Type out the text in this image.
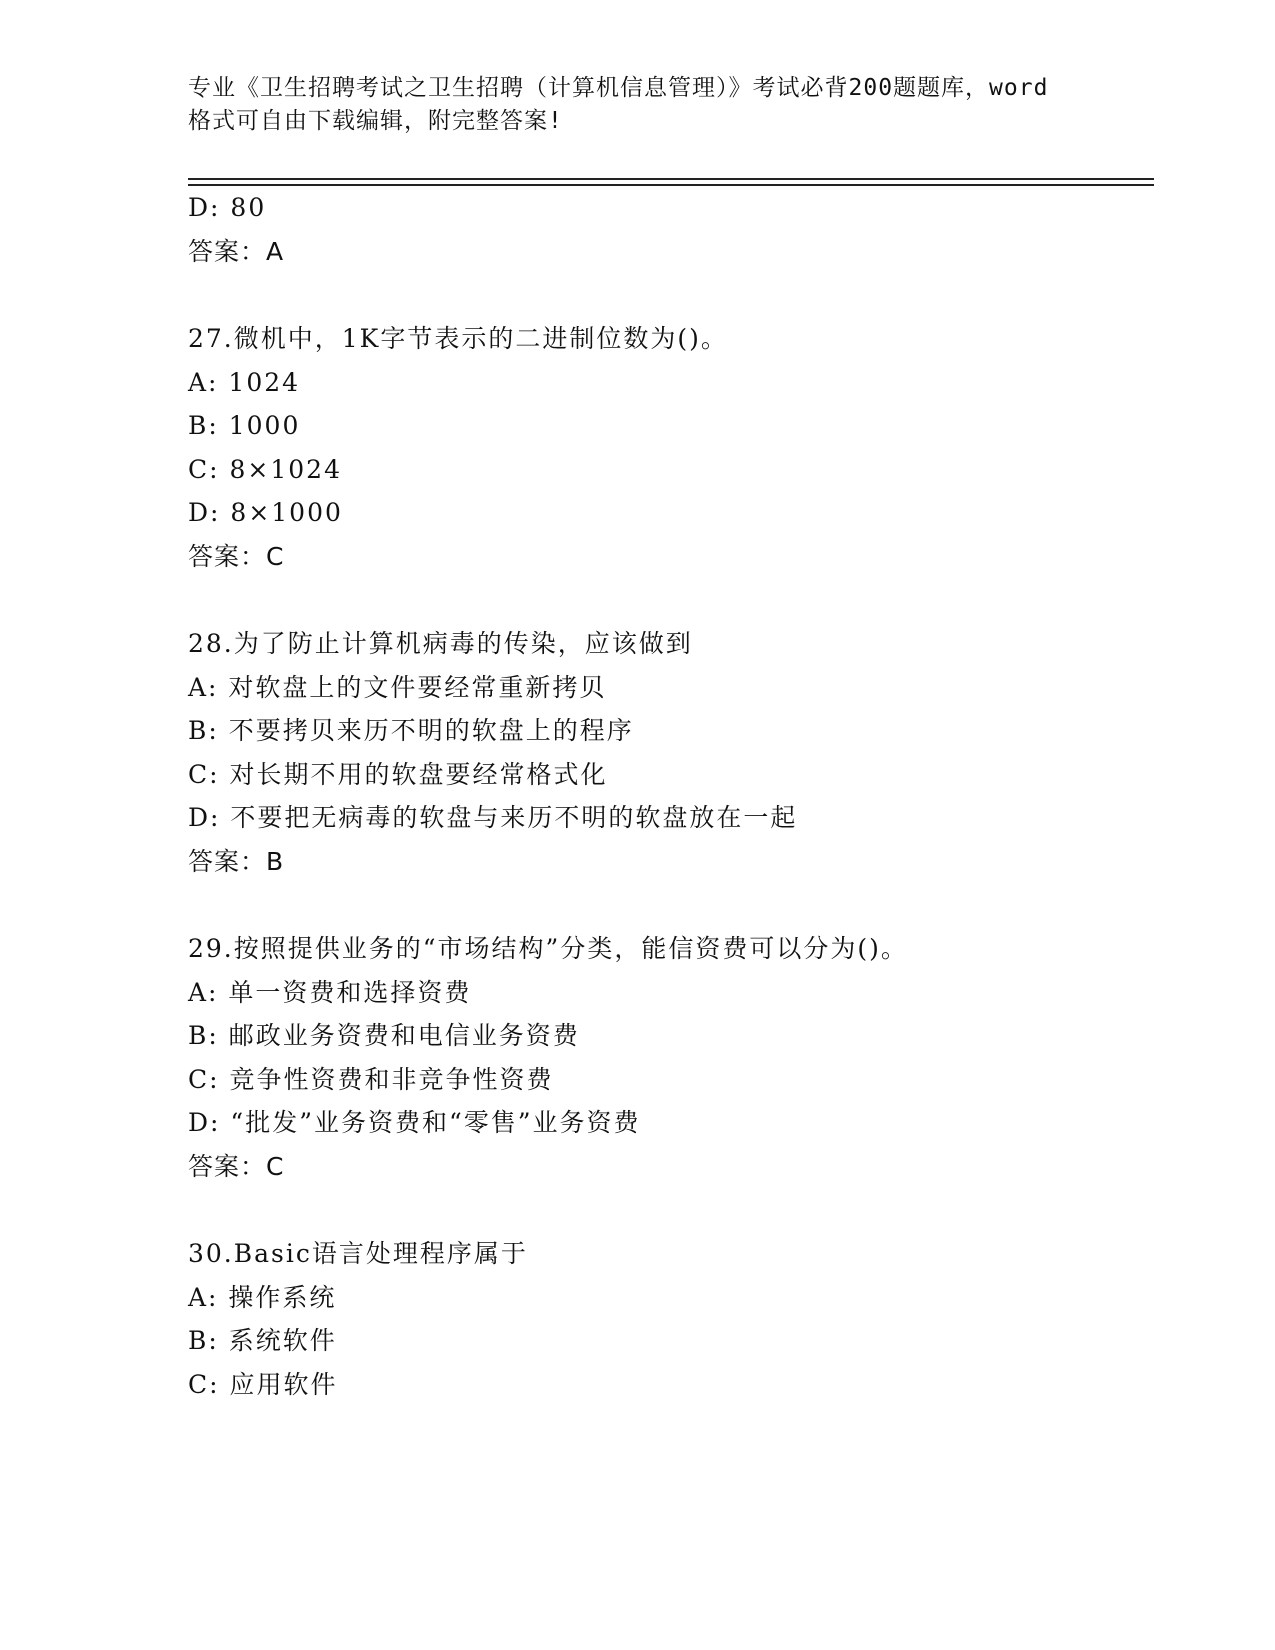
专业《卫生招聘考试之卫生招聘（计算机信息管理）》考试必背200题题库，word
格式可自由下载编辑，附完整答案!
D: 80
答案：A
27.微机中，1K字节表示的二进制位数为()。
A: 1024
B: 1000
C: 8×1024
D: 8×1000
答案：C
28.为了防止计算机病毒的传染，应该做到
A: 对软盘上的文件要经常重新拷贝
B: 不要拷贝来历不明的软盘上的程序
C: 对长期不用的软盘要经常格式化
D: 不要把无病毒的软盘与来历不明的软盘放在一起
答案：B
29.按照提供业务的“市场结构”分类，能信资费可以分为()。
A: 单一资费和选择资费
B: 邮政业务资费和电信业务资费
C: 竞争性资费和非竞争性资费
D: “批发”业务资费和“零售”业务资费
答案：C
30.Basic语言处理程序属于
A: 操作系统
B: 系统软件
C: 应用软件
